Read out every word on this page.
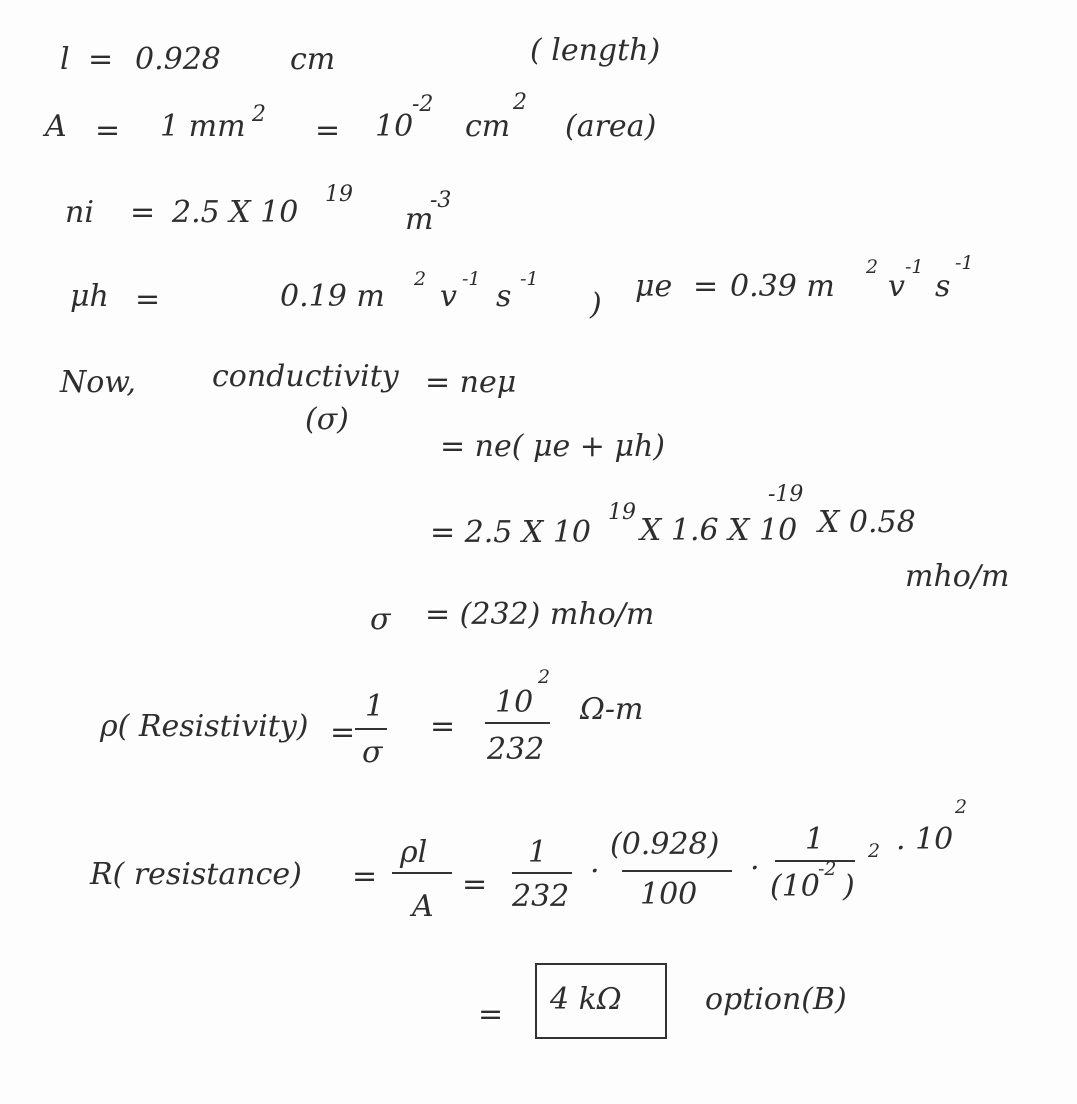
l = 0.928 cm	( length)
A = 1 mm 2 = 10
-2
cm
2
(area)
ni = 2.5 X 10
19
m
-3
μh =	0.19 m 2 v -1 s -1
)
μe = 0.39 m
2
v
-1
s
-1
Now,	conductivity
(σ)
= neμ
= ne( μe + μh)
= 2.5 X 10
19
X 1.6 X 10
-19
X 0.58
mho/m
σ = (232) mho/m
ρ( Resistivity) =
1
σ
=
10
2
232
Ω-m
R( resistance) =
ρl
A
=
1
232
.
(0.928)
100
.
1
(10
-2 )
2 . 10
2
= 4 kΩ	option(B)
